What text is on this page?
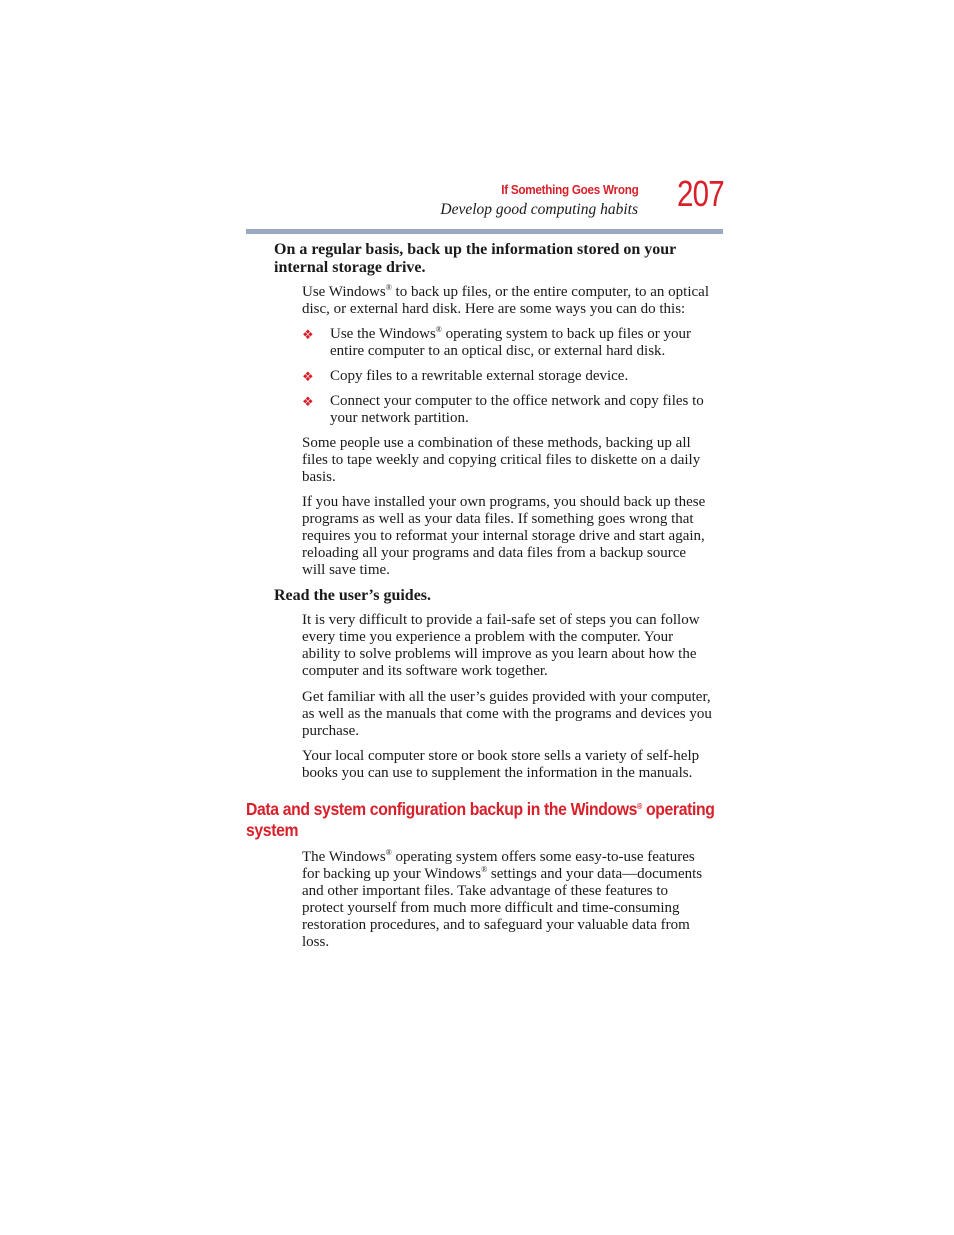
If Something Goes Wrong
Develop good computing habits 207
On a regular basis, back up the information stored on your
internal storage drive.
Use Windows® to back up files, or the entire computer, to an optical
disc, or external hard disk. Here are some ways you can do this:
❖ Use the Windows® operating system to back up files or your
entire computer to an optical disc, or external hard disk.
❖ Copy files to a rewritable external storage device.
❖ Connect your computer to the office network and copy files to
your network partition.
Some people use a combination of these methods, backing up all
files to tape weekly and copying critical files to diskette on a daily
basis.
If you have installed your own programs, you should back up these
programs as well as your data files. If something goes wrong that
requires you to reformat your internal storage drive and start again,
reloading all your programs and data files from a backup source
will save time.
Read the user’s guides.
It is very difficult to provide a fail-safe set of steps you can follow
every time you experience a problem with the computer. Your
ability to solve problems will improve as you learn about how the
computer and its software work together.
Get familiar with all the user’s guides provided with your computer,
as well as the manuals that come with the programs and devices you
purchase.
Your local computer store or book store sells a variety of self-help
books you can use to supplement the information in the manuals.
Data and system configuration backup in the Windows® operating
system
The Windows® operating system offers some easy-to-use features
for backing up your Windows® settings and your data—documents
and other important files. Take advantage of these features to
protect yourself from much more difficult and time-consuming
restoration procedures, and to safeguard your valuable data from
loss.
